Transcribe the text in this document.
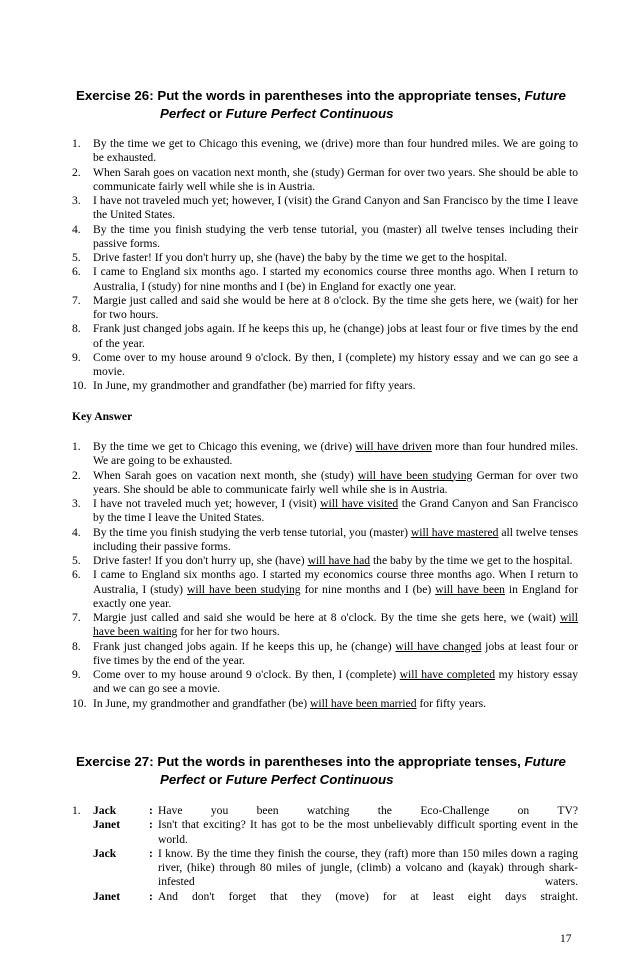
Exercise 26: Put the words in parentheses into the appropriate tenses, Future
Perfect or Future Perfect Continuous
1. By the time we get to Chicago this evening, we (drive) more than four hundred miles. We are going to be exhausted.
2. When Sarah goes on vacation next month, she (study) German for over two years. She should be able to communicate fairly well while she is in Austria.
3. I have not traveled much yet; however, I (visit) the Grand Canyon and San Francisco by the time I leave the United States.
4. By the time you finish studying the verb tense tutorial, you (master) all twelve tenses including their passive forms.
5. Drive faster! If you don't hurry up, she (have) the baby by the time we get to the hospital.
6. I came to England six months ago. I started my economics course three months ago. When I return to Australia, I (study) for nine months and I (be) in England for exactly one year.
7. Margie just called and said she would be here at 8 o'clock. By the time she gets here, we (wait) for her for two hours.
8. Frank just changed jobs again. If he keeps this up, he (change) jobs at least four or five times by the end of the year.
9. Come over to my house around 9 o'clock. By then, I (complete) my history essay and we can go see a movie.
10. In June, my grandmother and grandfather (be) married for fifty years.
Key Answer
1. By the time we get to Chicago this evening, we (drive) will have driven more than four hundred miles. We are going to be exhausted.
2. When Sarah goes on vacation next month, she (study) will have been studying German for over two years. She should be able to communicate fairly well while she is in Austria.
3. I have not traveled much yet; however, I (visit) will have visited the Grand Canyon and San Francisco by the time I leave the United States.
4. By the time you finish studying the verb tense tutorial, you (master) will have mastered all twelve tenses including their passive forms.
5. Drive faster! If you don't hurry up, she (have) will have had the baby by the time we get to the hospital.
6. I came to England six months ago. I started my economics course three months ago. When I return to Australia, I (study) will have been studying for nine months and I (be) will have been in England for exactly one year.
7. Margie just called and said she would be here at 8 o'clock. By the time she gets here, we (wait) will have been waiting for her for two hours.
8. Frank just changed jobs again. If he keeps this up, he (change) will have changed jobs at least four or five times by the end of the year.
9. Come over to my house around 9 o'clock. By then, I (complete) will have completed my history essay and we can go see a movie.
10. In June, my grandmother and grandfather (be) will have been married for fifty years.
Exercise 27: Put the words in parentheses into the appropriate tenses, Future
Perfect or Future Perfect Continuous
1. Jack	: Have you been watching the Eco-Challenge on TV?
Janet : Isn't that exciting? It has got to be the most unbelievably difficult sporting event in the world.
Jack	: I know. By the time they finish the course, they (raft) more than 150 miles down a raging river, (hike) through 80 miles of jungle, (climb) a volcano and (kayak) through shark-infested waters.
Janet : And don't forget that they (move) for at least eight days straight.
17
